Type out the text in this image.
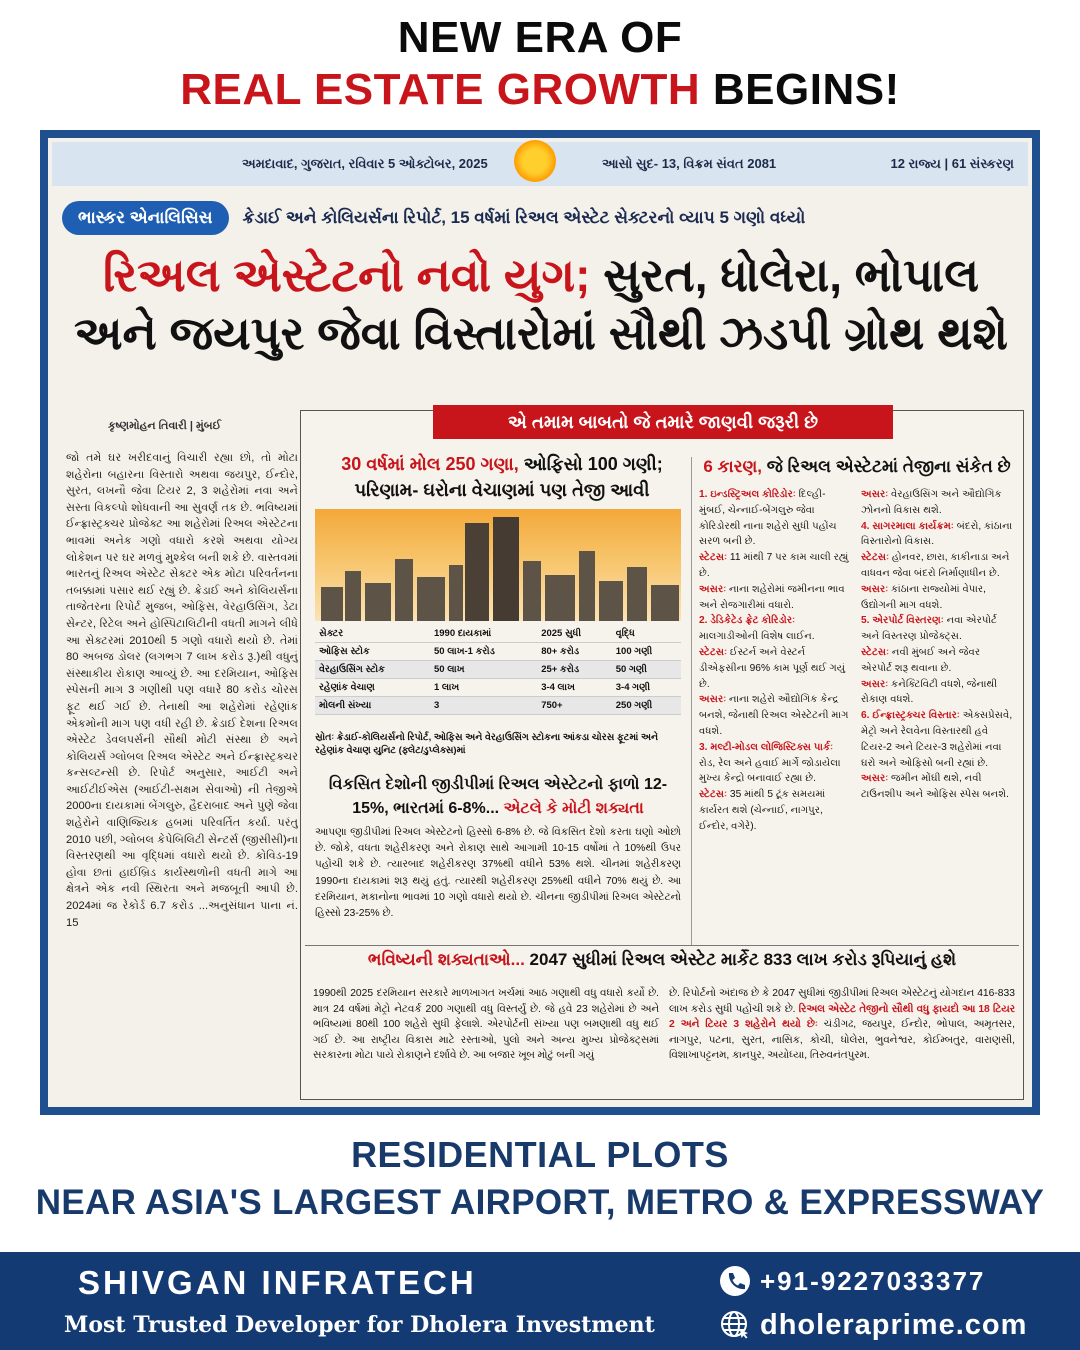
NEW ERA OF
REAL ESTATE GROWTH BEGINS!
અમદાવાદ, ગુજરાત, રવિવાર 5 ઓક્ટોબર, 2025	આસો સુદ- 13, વિક્રમ સંવત 2081	12 રાજ્ય | 61 સંસ્કરણ
ભાસ્કર એનાલિસિસ	ક્રેડાઈ અને કોલિયર્સના રિપોર્ટ, 15 વર્ષમાં રિઅલ એસ્ટેટ સેક્ટરનો વ્યાપ 5 ગણો વધ્યો
રિઅલ એસ્ટેટનો નવો યુગ; સુરત, ધોલેરા, ભોપાલ
અને જયપુર જેવા વિસ્તારોમાં સૌથી ઝડપી ગ્રોથ થશે
કૃષ્ણમોહન તિવારી | મુંબઈ
જો તમે ઘર ખરીદવાનું વિચારી રહ્યા છો, તો મોટા શહેરોના બહારના વિસ્તારો અથવા જયપુર, ઈન્દોર, સુરત, લખનૌ જેવા ટિયર 2, 3 શહેરોમાં નવા અને સસ્તા વિકલ્પો શોધવાની આ સુવર્ણ તક છે. ભવિષ્યમાં ઈન્ફ્રાસ્ટ્રક્ચર પ્રોજેક્ટ આ શહેરોમાં રિઅલ એસ્ટેટના ભાવમાં અનેક ગણો વધારો કરશે અથવા યોગ્ય લોકેશન પર ઘર મળવું મુશ્કેલ બની શકે છે. વાસ્તવમાં ભારતનું રિઅલ એસ્ટેટ સેક્ટર એક મોટા પરિવર્તનના તબક્કામાં પસાર થઈ રહ્યું છે. ક્રેડાઈ અને કોલિયર્સના તાજેતરના રિપોર્ટ મુજબ, ઓફિસ, વેરહાઉસિંગ, ડેટા સેન્ટર, રિટેલ અને હોસ્પિટાલિટીની વધતી માગને લીધે આ સેક્ટરમાં 2010થી 5 ગણો વધારો થયો છે. તેમાં 80 અબજ ડોલર (લગભગ 7 લાખ કરોડ રૂ.)થી વધુનું સંસ્થાકીય રોકાણ આવ્યું છે. આ દરમિયાન, ઓફિસ સ્પેસની માગ 3 ગણીથી પણ વધારે 80 કરોડ ચોરસ ફૂટ થઈ ગઈ છે. તેનાથી આ શહેરોમાં રહેણાંક એકમોની માગ પણ વધી રહી છે. ક્રેડાઈ દેશના રિઅલ એસ્ટેટ ડેવલપર્સની સૌથી મોટી સંસ્થા છે અને કોલિયર્સ ગ્લોબલ રિઅલ એસ્ટેટ અને ઈન્ફ્રાસ્ટ્રક્ચર કન્સલ્ટન્સી છે. રિપોર્ટ અનુસાર, આઈટી અને આઈટીઈએસ (આઈટી-સક્ષમ સેવાઓ) ની તેજીએ 2000ના દાયકામાં બેંગલુરુ, હૈદરાબાદ અને પુણે જેવા શહેરોને વાણિજ્યિક હબમાં પરિવર્તિત કર્યા. પરંતુ 2010 પછી, ગ્લોબલ કેપેબિલિટી સેન્ટર્સ (જીસીસી)ના વિસ્તરણથી આ વૃદ્ધિમાં વધારો થયો છે. કોવિડ-19 હોવા છતાં હાઈબ્રિડ કાર્યસ્થળોની વધતી માગે આ ક્ષેત્રને એક નવી સ્થિરતા અને મજબૂતી આપી છે. 2024માં જ રેકોર્ડ 6.7 કરોડ ...અનુસંધાન પાના નં. 15
એ તમામ બાબતો જે તમારે જાણવી જરૂરી છે
30 વર્ષમાં મોલ 250 ગણા, ઓફિસો 100 ગણી;
પરિણામ- ઘરોના વેચાણમાં પણ તેજી આવી
સેક્ટર	1990 દાયકામાં	2025 સુધી	વૃદ્ધિ
ઓફિસ સ્ટોક	50 લાખ-1 કરોડ	80+ કરોડ	100 ગણી
વેરહાઉસિંગ સ્ટોક	50 લાખ	25+ કરોડ	50 ગણી
રહેણાંક વેચાણ	1 લાખ	3-4 લાખ	3-4 ગણી
મોલની સંખ્યા	3	750+	250 ગણી
સ્રોતઃ ક્રેડાઈ-કોલિયર્સનો રિપોર્ટ, ઓફિસ અને વેરહાઉસિંગ સ્ટોકના આંકડા ચોરસ ફૂટમાં અને રહેણાંક વેચાણ યુનિટ (ફ્લેટ/ડુપ્લેક્સ)માં
વિકસિત દેશોની જીડીપીમાં રિઅલ એસ્ટેટનો ફાળો 12-15%, ભારતમાં 6-8%... એટલે કે મોટી શક્યતા
આપણા જીડીપીમાં રિઅલ એસ્ટેટનો હિસ્સો 6-8% છે. જે વિકસિત દેશો કરતા ઘણો ઓછો છે. જોકે, વધતા શહેરીકરણ અને રોકાણ સાથે આગામી 10-15 વર્ષોમાં તે 10%થી ઉપર પહોંચી શકે છે. ત્યારબાદ શહેરીકરણ 37%થી વધીને 53% થશે. ચીનમાં શહેરીકરણ 1990ના દાયકામાં શરૂ થયું હતું. ત્યારથી શહેરીકરણ 25%થી વધીને 70% થયું છે. આ દરમિયાન, મકાનોના ભાવમાં 10 ગણો વધારો થયો છે. ચીનના જીડીપીમાં રિઅલ એસ્ટેટનો હિસ્સો 23-25% છે.
6 કારણ, જે રિઅલ એસ્ટેટમાં તેજીના સંકેત છે
1. ઇન્ડસ્ટ્રિઅલ કોરિડોરઃ દિલ્હી-મુંબઈ, ચેન્નાઈ-બેંગલુરુ જેવા કોરિડોરથી નાના શહેરો સુધી પહોંચ સરળ બની છે.
સ્ટેટસઃ 11 માંથી 7 પર કામ ચાલી રહ્યું છે.
અસરઃ નાના શહેરોમાં જમીનના ભાવ અને રોજગારીમાં વધારો.
2. ડેડિકેટેડ ફ્રેટ કોરિડોરઃ માલગાડીઓની વિશેષ લાઈન.
સ્ટેટસઃ ઈસ્ટર્ન અને વેસ્ટર્ન ડીએફસીના 96% કામ પૂર્ણ થઈ ગયું છે.
અસરઃ નાના શહેરો ઔદ્યોગિક કેન્દ્ર બનશે, જેનાથી રિઅલ એસ્ટેટની માગ વધશે.
3. મલ્ટી-મોડલ લોજિસ્ટિક્સ પાર્કઃ રોડ, રેલ અને હવાઈ માર્ગે જોડાયેલા મુખ્ય કેન્દ્રો બનાવાઈ રહ્યા છે.
સ્ટેટસઃ 35 માંથી 5 ટૂંક સમયમાં કાર્યરત થશે (ચેન્નાઈ, નાગપુર, ઈન્દોર, વગેરે).
અસરઃ વેરહાઉસિંગ અને ઔદ્યોગિક ઝોનનો વિકાસ થશે.
4. સાગરમાલા કાર્યક્રમઃ બંદરો, કાંઠાના વિસ્તારોનો વિકાસ.
સ્ટેટસઃ હોનવર, છારા, કાકીનાડા અને વાધવન જેવા બંદરો નિર્માણાધીન છે.
અસરઃ કાંઠાના રાજ્યોમાં વેપાર, ઉદ્યોગની માગ વધશે.
5. એરપોર્ટ વિસ્તરણઃ નવા એરપોર્ટ અને વિસ્તરણ પ્રોજેક્ટ્સ.
સ્ટેટસઃ નવી મુંબઈ અને જેવર એરપોર્ટ શરૂ થવાના છે.
અસરઃ કનેક્ટિવિટી વધશે, જેનાથી રોકાણ વધશે.
6. ઈન્ફ્રાસ્ટ્રક્ચર વિસ્તારઃ એક્સપ્રેસવે, મેટ્રો અને રેલવેના વિસ્તારથી હવે ટિયર-2 અને ટિયર-3 શહેરોમાં નવા ઘરો અને ઓફિસો બની રહ્યાં છે.
અસરઃ જમીન મોંઘી થશે, નવી ટાઉનશીપ અને ઓફિસ સ્પેસ બનશે.
ભવિષ્યની શક્યતાઓ... 2047 સુધીમાં રિઅલ એસ્ટેટ માર્કેટ 833 લાખ કરોડ રૂપિયાનું હશે
1990થી 2025 દરમિયાન સરકારે માળખાગત ખર્ચમાં આઠ ગણાથી વધુ વધારો કર્યો છે. માત્ર 24 વર્ષમાં મેટ્રો નેટવર્ક 200 ગણાથી વધુ વિસ્તર્યું છે. જે હવે 23 શહેરોમાં છે અને ભવિષ્યમાં 80થી 100 શહેરો સુધી ફેલાશે. એરપોર્ટની સંખ્યા પણ બમણાથી વધુ થઈ ગઈ છે. આ રાષ્ટ્રીય વિકાસ માટે રસ્તાઓ, પુલો અને અન્ય મુખ્ય પ્રોજેક્ટ્સમાં સરકારના મોટા પાયે રોકાણને દર્શાવે છે. આ બજાર ખૂબ મોટું બની ગયું
છે. રિપોર્ટનો અંદાજ છે કે 2047 સુધીમાં જીડીપીમાં રિઅલ એસ્ટેટનું યોગદાન 416-833 લાખ કરોડ સુધી પહોંચી શકે છે. રિઅલ એસ્ટેટ તેજીનો સૌથી વધુ ફાયદો આ 18 ટિયર 2 અને ટિયર 3 શહેરોને થયો છેઃ ચંડીગઢ, જયપુર, ઈન્દોર, ભોપાલ, અમૃતસર, નાગપુર, પટના, સુરત, નાસિક, કોચી, ધોલેરા, ભુવનેશ્વર, કોઈમ્બતુર, વારાણસી, વિશાખાપટ્ટનમ, કાનપુર, અયોધ્યા, તિરુવનંતપુરમ.
RESIDENTIAL PLOTS
NEAR ASIA'S LARGEST AIRPORT, METRO & EXPRESSWAY
SHIVGAN INFRATECH
Most Trusted Developer for Dholera Investment
+91-9227033377
dholeraprime.com
